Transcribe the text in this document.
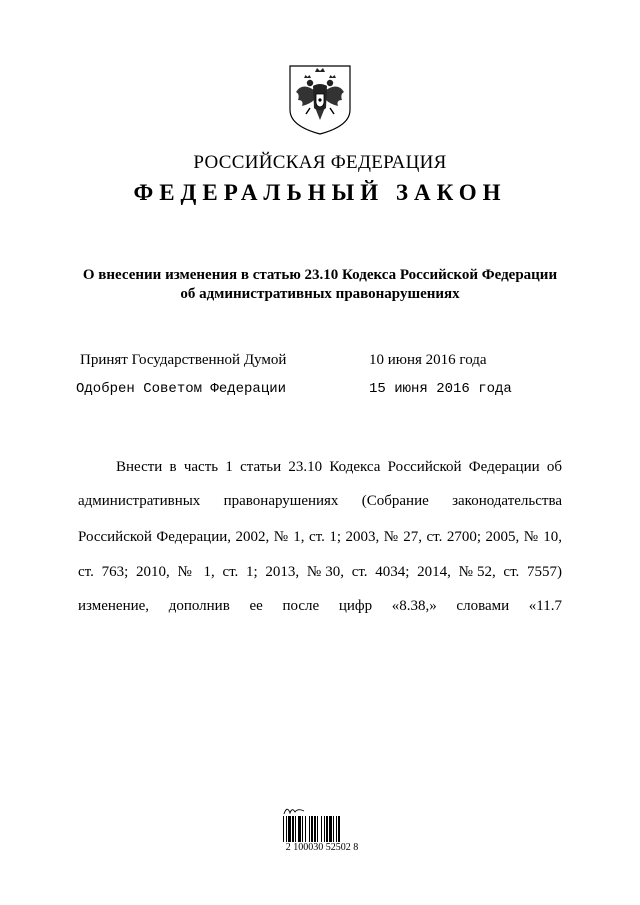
РОССИЙСКАЯ ФЕДЕРАЦИЯ
ФЕДЕРАЛЬНЫЙ ЗАКОН
О внесении изменения в статью 23.10 Кодекса Российской Федерации
об административных правонарушениях
Принят Государственной Думой	10 июня 2016 года
Одобрен Советом Федерации	15 июня 2016 года
Внести в часть 1 статьи 23.10 Кодекса Российской Федерации об
административных правонарушениях (Собрание законодательства
Российской Федерации, 2002, № 1, ст. 1; 2003, № 27, ст. 2700; 2005, № 10,
ст. 763; 2010, № 1, ст. 1; 2013, №30, ст. 4034; 2014, №52, ст. 7557)
изменение, дополнив ее после цифр «8.38,» словами «11.7
2 100030 52502 8
